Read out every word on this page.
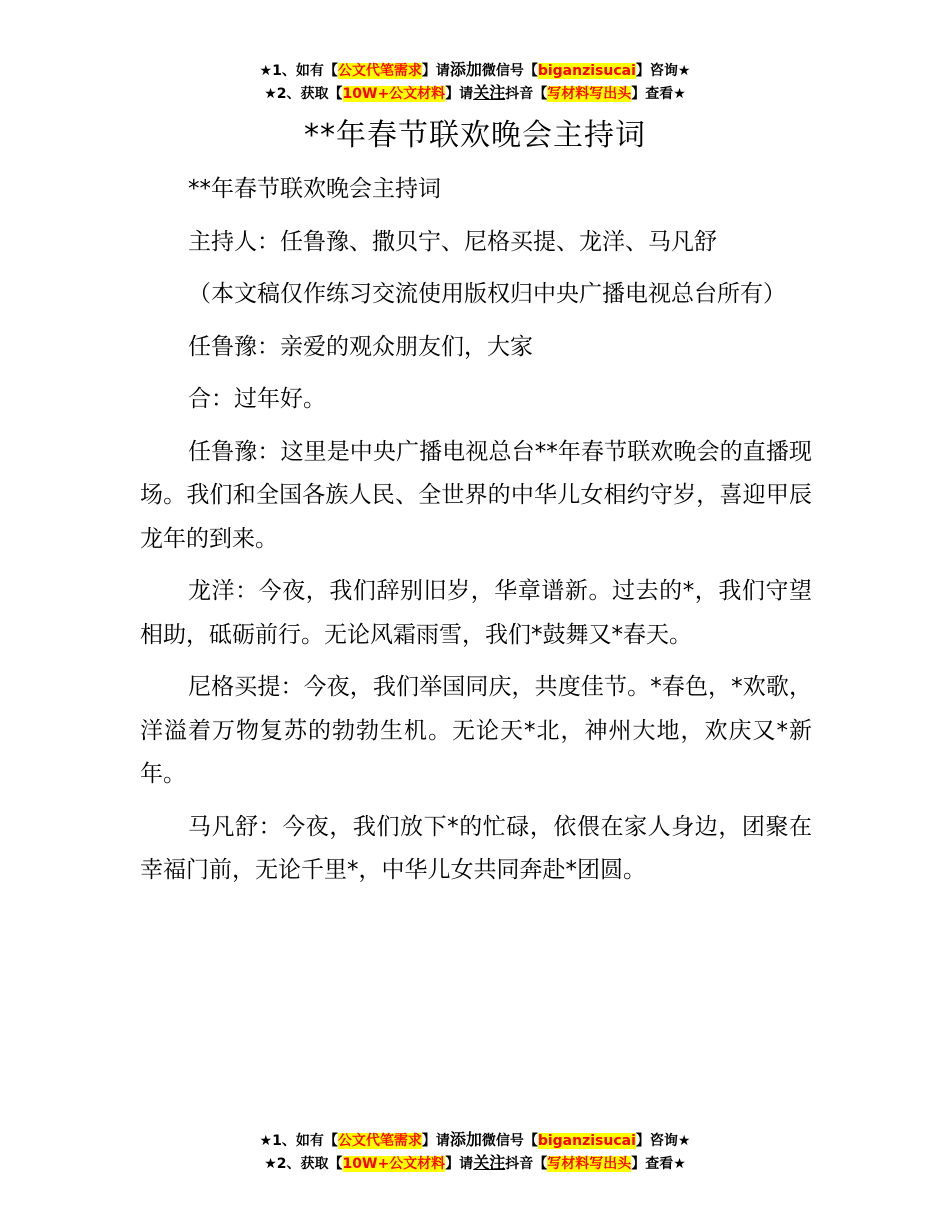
★1、如有【公文代笔需求】请添加微信号【biganzisucai】咨询★
★2、获取【10W+公文材料】请关注抖音【写材料写出头】查看★
**年春节联欢晚会主持词

**年春节联欢晚会主持词

主持人：任鲁豫、撒贝宁、尼格买提、龙洋、马凡舒

（本文稿仅作练习交流使用版权归中央广播电视总台所有）

任鲁豫：亲爱的观众朋友们，大家

合：过年好。

任鲁豫：这里是中央广播电视总台**年春节联欢晚会的直播现场。我们和全国各族人民、全世界的中华儿女相约守岁，喜迎甲辰龙年的到来。

龙洋：今夜，我们辞别旧岁，华章谱新。过去的*，我们守望相助，砥砺前行。无论风霜雨雪，我们*鼓舞又*春天。

尼格买提：今夜，我们举国同庆，共度佳节。*春色，*欢歌，洋溢着万物复苏的勃勃生机。无论天*北，神州大地，欢庆又*新年。

马凡舒：今夜，我们放下*的忙碌，依偎在家人身边，团聚在幸福门前，无论千里*，中华儿女共同奔赴*团圆。

★1、如有【公文代笔需求】请添加微信号【biganzisucai】咨询★
★2、获取【10W+公文材料】请关注抖音【写材料写出头】查看★
